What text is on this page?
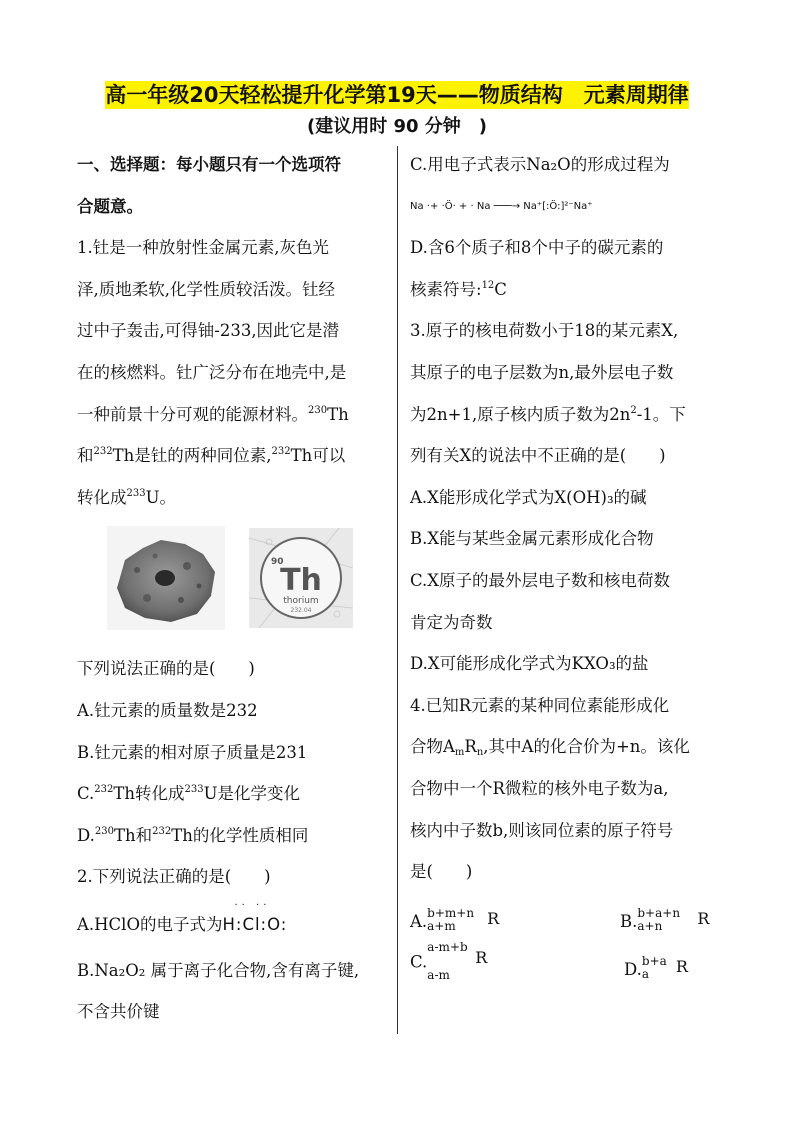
高一年级20天轻松提升化学第19天——物质结构　元素周期律
(建议用时 90 分钟　)

一、选择题：每小题只有一个选项符

合题意。

1.钍是一种放射性金属元素,灰色光

泽,质地柔软,化学性质较活泼。钍经

过中子轰击,可得铀-233,因此它是潜

在的核燃料。钍广泛分布在地壳中,是

一种前景十分可观的能源材料。$^{230}$Th

和$^{232}$Th是钍的两种同位素,$^{232}$Th可以

转化成$^{233}$U。

90
Th
thorium
232.04

下列说法正确的是(　　)

A.钍元素的质量数是232

B.钍元素的相对原子质量是231

C.$^{232}$Th转化成$^{233}$U是化学变化

D.$^{230}$Th和$^{232}$Th的化学性质相同

2.下列说法正确的是(　　)

A.HClO的电子式为
·· ··
H:Cl:O:

B.Na₂O₂ 属于离子化合物,含有离子键,

不含共价键

C.用电子式表示Na₂O的形成过程为

Na ·+ ·Ö· + · Na ───→ Na⁺[:Ö:]²⁻Na⁺

D.含6个质子和8个中子的碳元素的

核素符号:$^{12}$C

3.原子的核电荷数小于18的某元素X,

其原子的电子层数为n,最外层电子数

为2n+1,原子核内质子数为$2n^2-1$。下

列有关X的说法中不正确的是(　　)

A.X能形成化学式为X(OH)₃的碱

B.X能与某些金属元素形成化合物

C.X原子的最外层电子数和核电荷数

肯定为奇数

D.X可能形成化学式为KXO₃的盐

4.已知R元素的某种同位素能形成化

合物$A_mR_n$,其中A的化合价为+n。该化

合物中一个R微粒的核外电子数为a,

核内中子数b,则该同位素的原子符号

是(　　)

A. b+m+n
a+m R	B. b+a+n
a+n R
C.
a-m+b
a-m
R
D. b+a
a R
